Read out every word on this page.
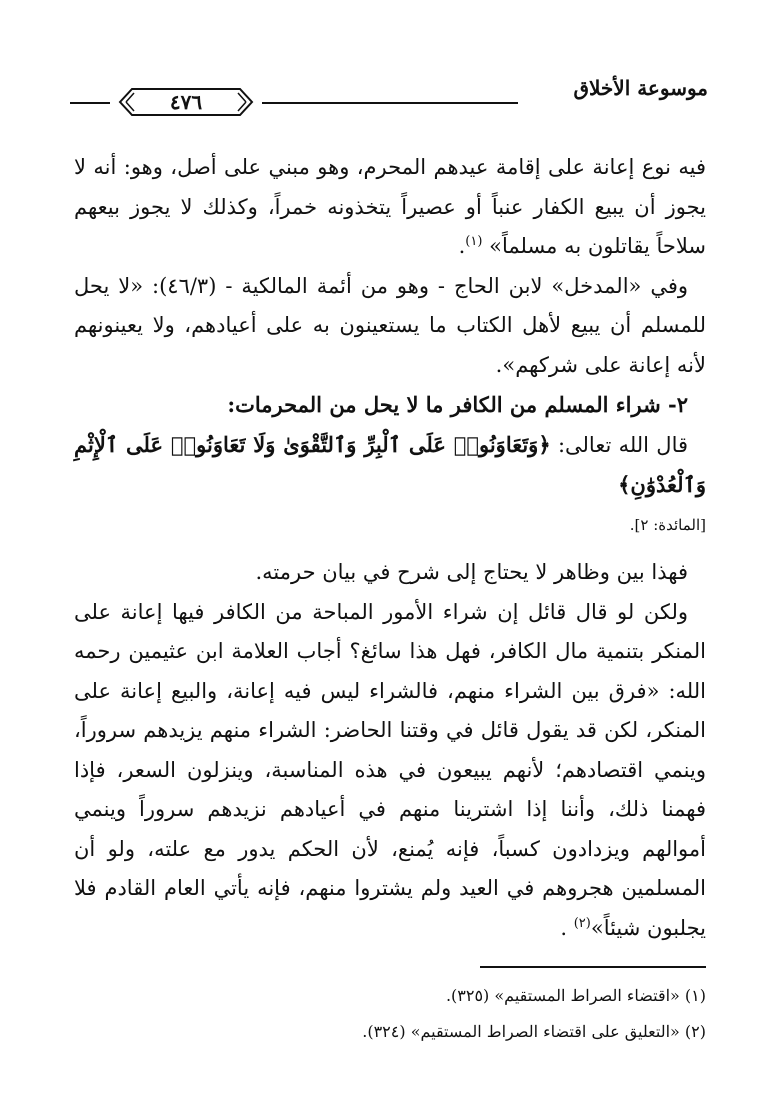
٤٧٦
موسوعة الأخلاق

فيه نوع إعانة على إقامة عيدهم المحرم، وهو مبني على أصل، وهو: أنه لا يجوز أن يبيع الكفار عنباً أو عصيراً يتخذونه خمراً، وكذلك لا يجوز بيعهم سلاحاً يقاتلون به مسلماً» $^{(١)}$.

وفي «المدخل» لابن الحاج - وهو من أئمة المالكية - (٤٦/٣): «لا يحل للمسلم أن يبيع لأهل الكتاب ما يستعينون به على أعيادهم، ولا يعينونهم لأنه إعانة على شركهم».

٢- شراء المسلم من الكافر ما لا يحل من المحرمات:

قال الله تعالى: ﴿وَتَعَاوَنُوا۟ عَلَى ٱلْبِرِّ وَٱلتَّقْوَىٰ وَلَا تَعَاوَنُوا۟ عَلَى ٱلْإِثْمِ وَٱلْعُدْوَٰنِ﴾

[المائدة: ٢].

فهذا بين وظاهر لا يحتاج إلى شرح في بيان حرمته.

ولكن لو قال قائل إن شراء الأمور المباحة من الكافر فيها إعانة على المنكر بتنمية مال الكافر، فهل هذا سائغ؟ أجاب العلامة ابن عثيمين رحمه الله: «فرق بين الشراء منهم، فالشراء ليس فيه إعانة، والبيع إعانة على المنكر، لكن قد يقول قائل في وقتنا الحاضر: الشراء منهم يزيدهم سروراً، وينمي اقتصادهم؛ لأنهم يبيعون في هذه المناسبة، وينزلون السعر، فإذا فهمنا ذلك، وأننا إذا اشترينا منهم في أعيادهم نزيدهم سروراً وينمي أموالهم ويزدادون كسباً، فإنه يُمنع، لأن الحكم يدور مع علته، ولو أن المسلمين هجروهم في العيد ولم يشتروا منهم، فإنه يأتي العام القادم فلا يجلبون شيئاً»$^{(٢)}$ .

(١) «اقتضاء الصراط المستقيم» (٣٢٥).

(٢) «التعليق على اقتضاء الصراط المستقيم» (٣٢٤).
